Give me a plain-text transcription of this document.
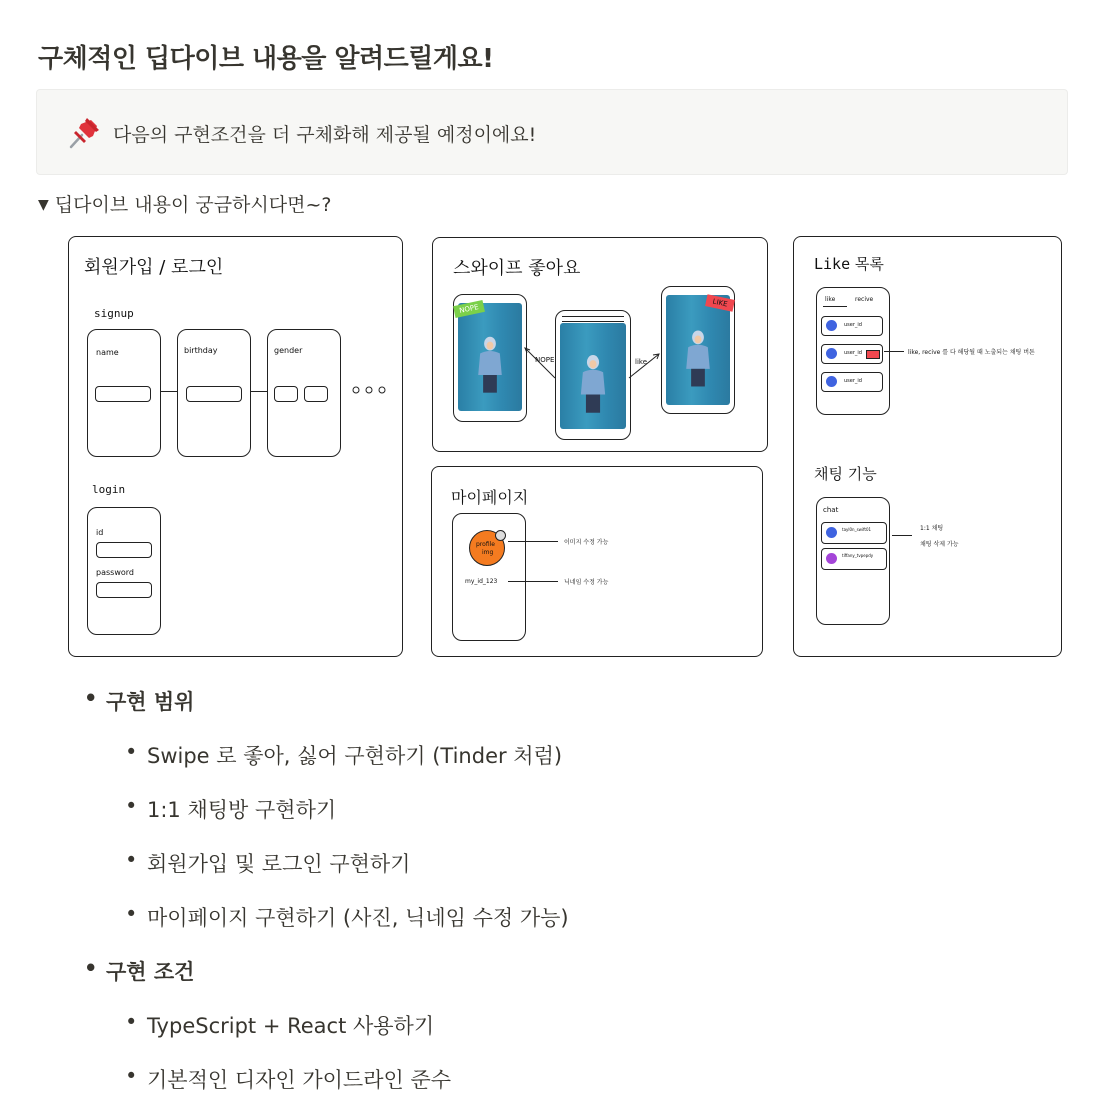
구체적인 딥다이브 내용을 알려드릴게요!
다음의 구현조건을 더 구체화해 제공될 예정이에요!
▼ 딥다이브 내용이 궁금하시다면~?
회원가입 / 로그인
signup
name	birthday	gender
login
id
password
스와이프 좋아요
NOPE
LIKE
NOPE	like
마이페이지
profile
img
my_id_123
이미지 수정 가능
닉네임 수정 가능
Like 목록
like	recive
user_id
user_id
user_id
like, recive 를 다 해당될 때 노출되는 채팅 버튼
채팅 기능
chat
tayl0n_swift01
tiffany_tvpepdy
1:1 채팅
채팅 삭제 가능
• 구현 범위
• Swipe 로 좋아, 싫어 구현하기 (Tinder 처럼)
• 1:1 채팅방 구현하기
• 회원가입 및 로그인 구현하기
• 마이페이지 구현하기 (사진, 닉네임 수정 가능)
• 구현 조건
• TypeScript + React 사용하기
• 기본적인 디자인 가이드라인 준수
